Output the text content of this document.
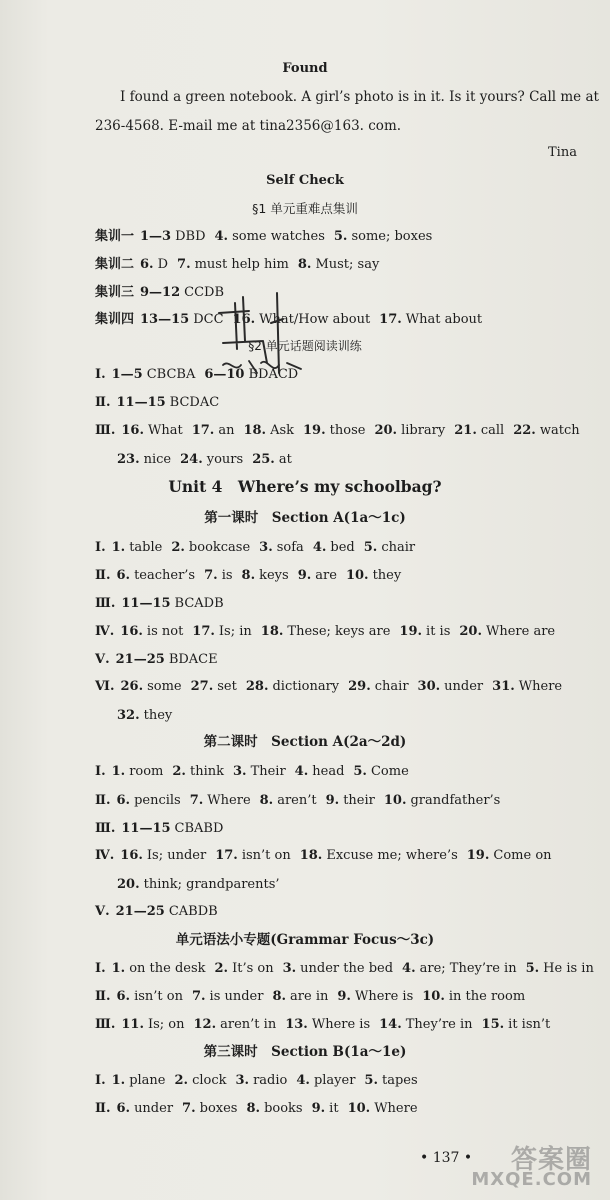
Found
I found a green notebook. A girl’s photo is in it. Is it yours? Call me at
236-4568. E-mail me at tina2356@163. com.
Tina
Self Check
§1 单元重难点集训
集训一 1—3 DBD 4. some watches 5. some; boxes
集训二 6. D 7. must help him 8. Must; say
集训三 9—12 CCDB
集训四 13—15 DCC 16. What/How about 17. What about
§2 单元话题阅读训练
Ⅰ. 1—5 CBCBA 6—10 BDACD
Ⅱ. 11—15 BCDAC
Ⅲ. 16. What 17. an 18. Ask 19. those 20. library 21. call 22. watch
23. nice 24. yours 25. at
Unit 4　Where’s my schoolbag?
第一课时　Section A(1a～1c)
Ⅰ. 1. table 2. bookcase 3. sofa 4. bed 5. chair
Ⅱ. 6. teacher’s 7. is 8. keys 9. are 10. they
Ⅲ. 11—15 BCADB
Ⅳ. 16. is not 17. Is; in 18. These; keys are 19. it is 20. Where are
Ⅴ. 21—25 BDACE
Ⅵ. 26. some 27. set 28. dictionary 29. chair 30. under 31. Where
32. they
第二课时　Section A(2a～2d)
Ⅰ. 1. room 2. think 3. Their 4. head 5. Come
Ⅱ. 6. pencils 7. Where 8. aren’t 9. their 10. grandfather’s
Ⅲ. 11—15 CBABD
Ⅳ. 16. Is; under 17. isn’t on 18. Excuse me; where’s 19. Come on
20. think; grandparents’
Ⅴ. 21—25 CABDB
单元语法小专题(Grammar Focus～3c)
Ⅰ. 1. on the desk 2. It’s on 3. under the bed 4. are; They’re in 5. He is in
Ⅱ. 6. isn’t on 7. is under 8. are in 9. Where is 10. in the room
Ⅲ. 11. Is; on 12. aren’t in 13. Where is 14. They’re in 15. it isn’t
第三课时　Section B(1a～1e)
Ⅰ. 1. plane 2. clock 3. radio 4. player 5. tapes
Ⅱ. 6. under 7. boxes 8. books 9. it 10. Where
• 137 • 答案圈
MXQE.COM
